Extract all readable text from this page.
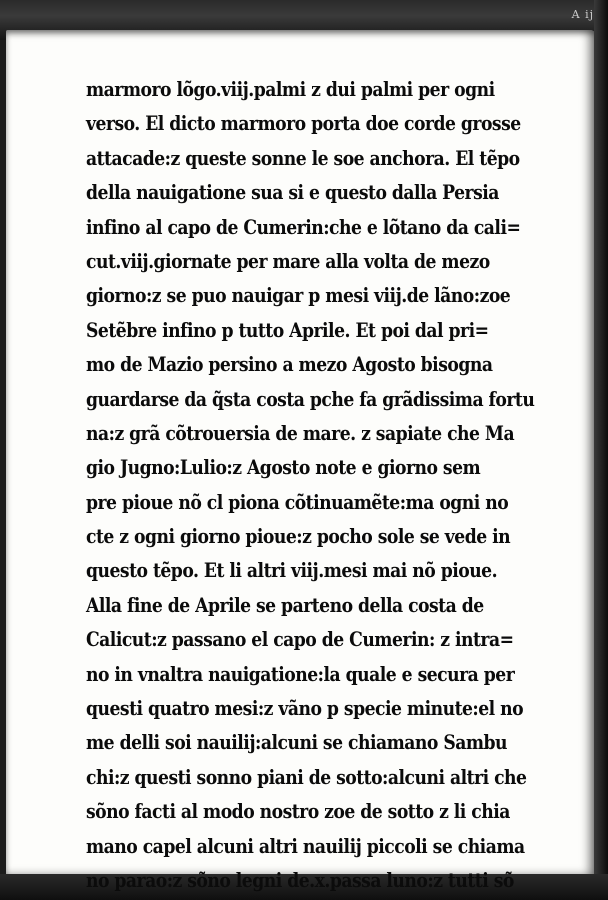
A ij
marmoro lõgo.viij.palmi z dui palmi per ogni
verso. El dicto marmoro porta doe corde grosse
attacade:z queste sonne le soe anchora. El tẽpo
della nauigatione sua si e questo dalla Persia
infino al capo de Cumerin:che e lõtano da cali=
cut.viij.giornate per mare alla volta de mezo
giorno:z se puo nauigar p mesi viij.de lãno:zoe
Setẽbre infino p tutto Aprile. Et poi dal pri=
mo de Mazio persino a mezo Agosto bisogna
guardarse da q̃sta costa pche fa grãdissima fortu
na:z grã cõtrouersia de mare. z sapiate che Ma
gio Jugno:Lulio:z Agosto note e giorno sem
pre pioue nõ cl piona cõtinuamẽte:ma ogni no
cte z ogni giorno pioue:z pocho sole se vede in
questo tẽpo. Et li altri viij.mesi mai nõ pioue.
Alla fine de Aprile se parteno della costa de
Calicut:z passano el capo de Cumerin: z intra=
no in vnaltra nauigatione:la quale e secura per
questi quatro mesi:z vãno p specie minute:el no
me delli soi nauilij:alcuni se chiamano Sambu
chi:z questi sonno piani de sotto:alcuni altri che
sõno facti al modo nostro zoe de sotto z li chia
mano capel alcuni altri nauilij piccoli se chiama
no parao:z sõno legni de.x.passa luno:z tutti sõ
